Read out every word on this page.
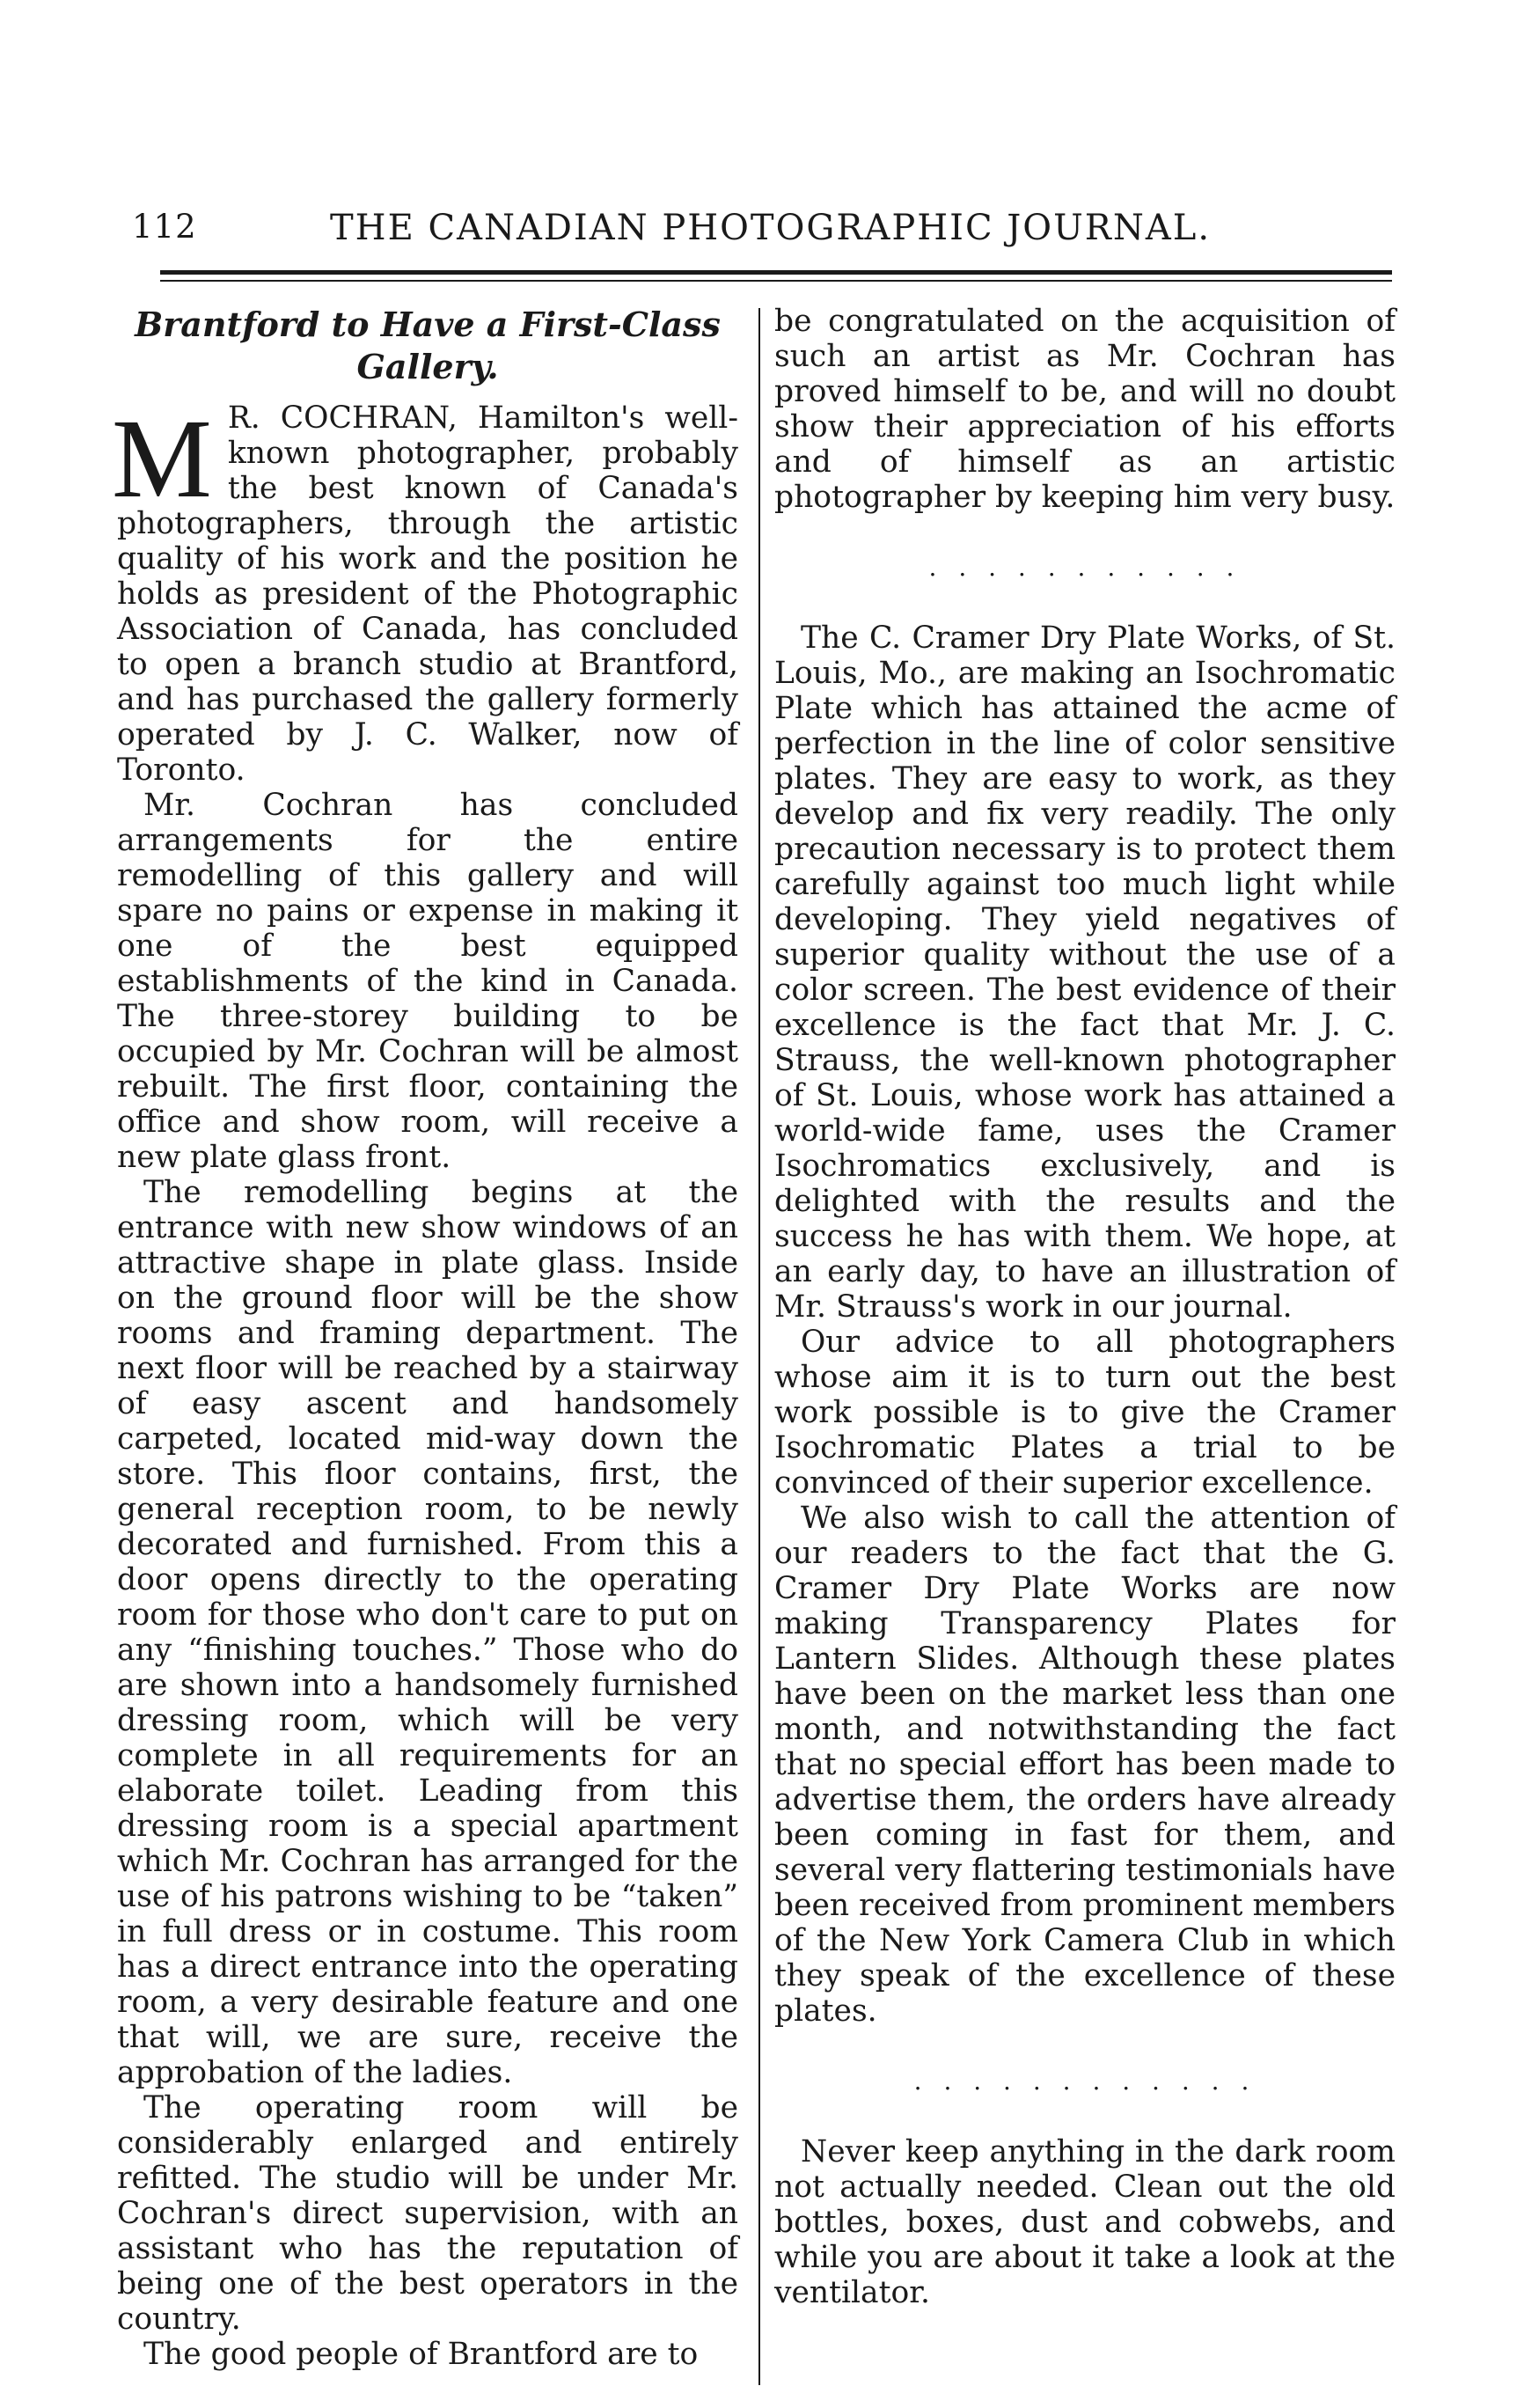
112	THE CANADIAN PHOTOGRAPHIC JOURNAL.
Brantford to Have a First-Class Gallery.

M R. COCHRAN, Hamilton's well-known photographer, probably the best known of Canada's photographers, through the artistic quality of his work and the position he holds as president of the Photographic Association of Canada, has concluded to open a branch studio at Brantford, and has purchased the gallery formerly operated by J. C. Walker, now of Toronto.

Mr. Cochran has concluded arrangements for the entire remodelling of this gallery and will spare no pains or expense in making it one of the best equipped establishments of the kind in Canada. The three-storey building to be occupied by Mr. Cochran will be almost rebuilt. The first floor, containing the office and show room, will receive a new plate glass front.

The remodelling begins at the entrance with new show windows of an attractive shape in plate glass. Inside on the ground floor will be the show rooms and framing department. The next floor will be reached by a stairway of easy ascent and handsomely carpeted, located mid-way down the store. This floor contains, first, the general reception room, to be newly decorated and furnished. From this a door opens directly to the operating room for those who don't care to put on any “finishing touches.” Those who do are shown into a handsomely furnished dressing room, which will be very complete in all requirements for an elaborate toilet. Leading from this dressing room is a special apartment which Mr. Cochran has arranged for the use of his patrons wishing to be “taken” in full dress or in costume. This room has a direct entrance into the operating room, a very desirable feature and one that will, we are sure, receive the approbation of the ladies.

The operating room will be considerably enlarged and entirely refitted. The studio will be under Mr. Cochran's direct supervision, with an assistant who has the reputation of being one of the best operators in the country.

The good people of Brantford are to

be congratulated on the acquisition of such an artist as Mr. Cochran has proved himself to be, and will no doubt show their appreciation of his efforts and of himself as an artistic photographer by keeping him very busy.

. . . . . . . . . . .

The C. Cramer Dry Plate Works, of St. Louis, Mo., are making an Isochromatic Plate which has attained the acme of perfection in the line of color sensitive plates. They are easy to work, as they develop and fix very readily. The only precaution necessary is to protect them carefully against too much light while developing. They yield negatives of superior quality without the use of a color screen. The best evidence of their excellence is the fact that Mr. J. C. Strauss, the well-known photographer of St. Louis, whose work has attained a world-wide fame, uses the Cramer Isochromatics exclusively, and is delighted with the results and the success he has with them. We hope, at an early day, to have an illustration of Mr. Strauss's work in our journal.

Our advice to all photographers whose aim it is to turn out the best work possible is to give the Cramer Isochromatic Plates a trial to be convinced of their superior excellence.

We also wish to call the attention of our readers to the fact that the G. Cramer Dry Plate Works are now making Transparency Plates for Lantern Slides. Although these plates have been on the market less than one month, and notwithstanding the fact that no special effort has been made to advertise them, the orders have already been coming in fast for them, and several very flattering testimonials have been received from prominent members of the New York Camera Club in which they speak of the excellence of these plates.

. . . . . . . . . . . .

Never keep anything in the dark room not actually needed. Clean out the old bottles, boxes, dust and cobwebs, and while you are about it take a look at the ventilator.
